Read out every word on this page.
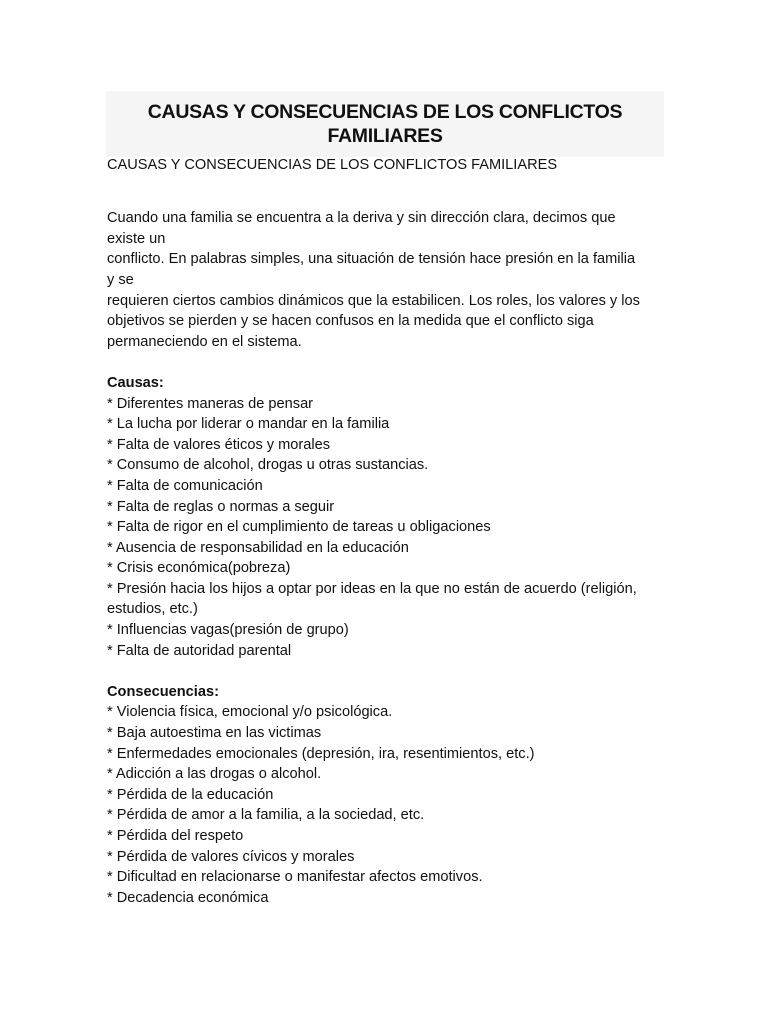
CAUSAS Y CONSECUENCIAS DE LOS CONFLICTOS FAMILIARES
CAUSAS Y CONSECUENCIAS DE LOS CONFLICTOS FAMILIARES
Cuando una familia se encuentra a la deriva y sin dirección clara, decimos que
existe un
conflicto. En palabras simples, una situación de tensión hace presión en la familia
y se
requieren ciertos cambios dinámicos que la estabilicen. Los roles, los valores y los
objetivos se pierden y se hacen confusos en la medida que el conflicto siga
permaneciendo en el sistema.
Causas:
* Diferentes maneras de pensar
* La lucha por liderar o mandar en la familia
* Falta de valores éticos y morales
* Consumo de alcohol, drogas u otras sustancias.
* Falta de comunicación
* Falta de reglas o normas a seguir
* Falta de rigor en el cumplimiento de tareas u obligaciones
* Ausencia de responsabilidad en la educación
* Crisis económica(pobreza)
* Presión hacia los hijos a optar por ideas en la que no están de acuerdo (religión, estudios, etc.)
* Influencias vagas(presión de grupo)
* Falta de autoridad parental
Consecuencias:
* Violencia física, emocional y/o psicológica.
* Baja autoestima en las victimas
* Enfermedades emocionales (depresión, ira, resentimientos, etc.)
* Adicción a las drogas o alcohol.
* Pérdida de la educación
* Pérdida de amor a la familia, a la sociedad, etc.
* Pérdida del respeto
* Pérdida de valores cívicos y morales
* Dificultad en relacionarse o manifestar afectos emotivos.
* Decadencia económica
